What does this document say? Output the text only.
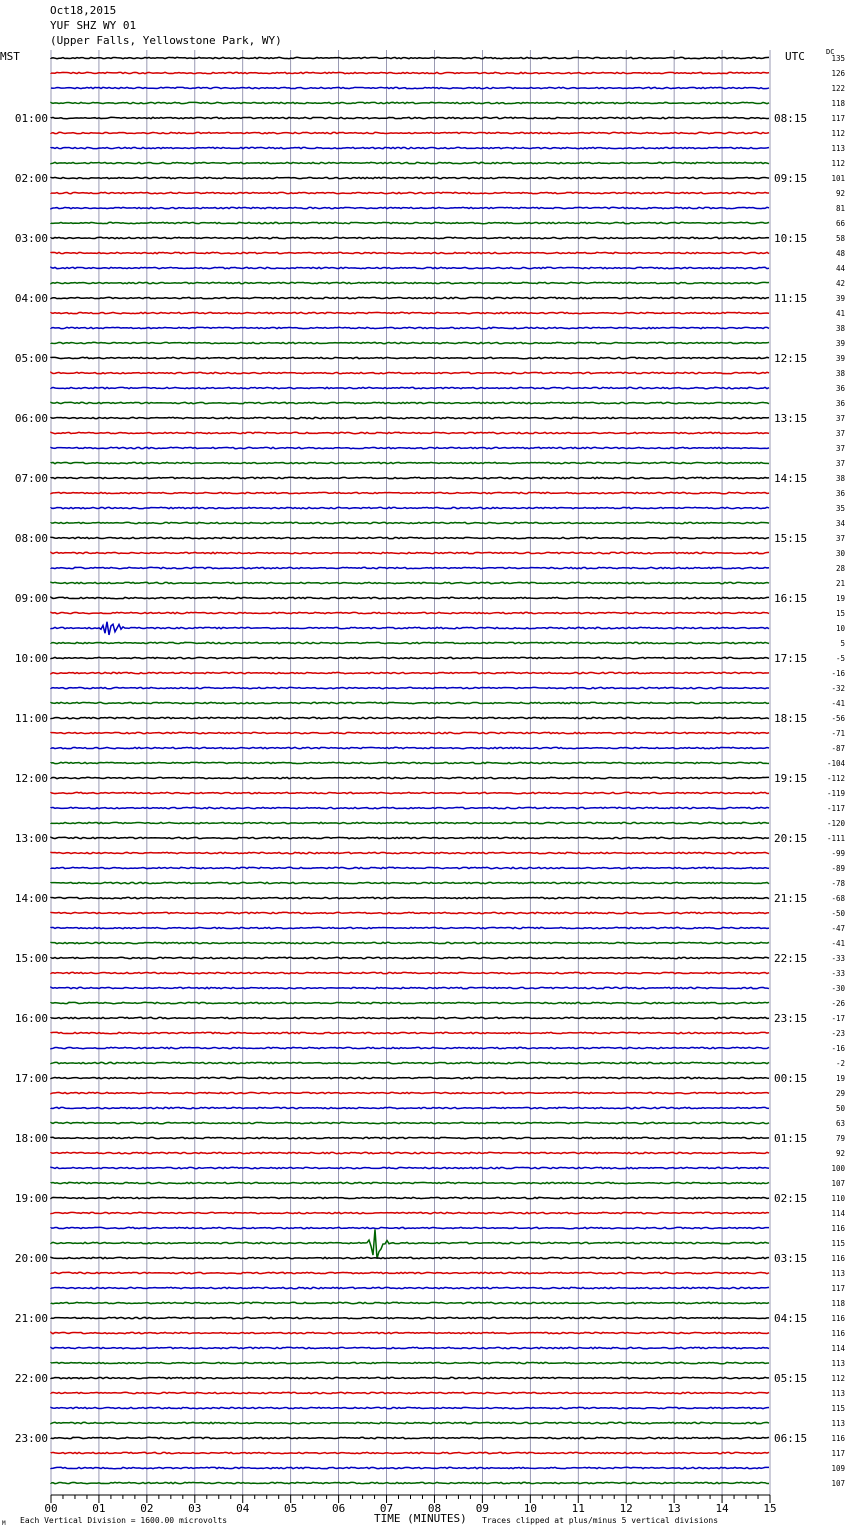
135
126
122
118
117
112
113
112
101
92
81
66
58
48
44
42
39
41
38
39
39
38
36
36
37
37
37
37
38
36
35
34
37
30
28
21
19
15
10
5
-5
-16
-32
-41
-56
-71
-87
-104
-112
-119
-117
-120
-111
-99
-89
-78
-68
-50
-47
-41
-33
-33
-30
-26
-17
-23
-16
-2
19
29
50
63
79
92
100
107
110
114
116
115
116
113
117
118
116
116
114
113
112
113
115
113
116
117
109
107
01:00	08:15
02:00	09:15
03:00	10:15
04:00	11:15
05:00	12:15
06:00	13:15
07:00	14:15
08:00	15:15
09:00	16:15
10:00	17:15
11:00	18:15
12:00	19:15
13:00	20:15
14:00	21:15
15:00	22:15
16:00	23:15
17:00	00:15
18:00	01:15
19:00	02:15
20:00	03:15
21:00	04:15
22:00	05:15
23:00	06:15
00	01	02	03	04	05	06	07	08	09	10	11	12	13	14	15
Oct18,2015
YUF SHZ WY 01
(Upper Falls, Yellowstone Park, WY)
MST	UTC	DC
Each Vertical Division = 1600.00 microvolts	TIME (MINUTES) Traces clipped at plus/minus 5 vertical divisions
M
